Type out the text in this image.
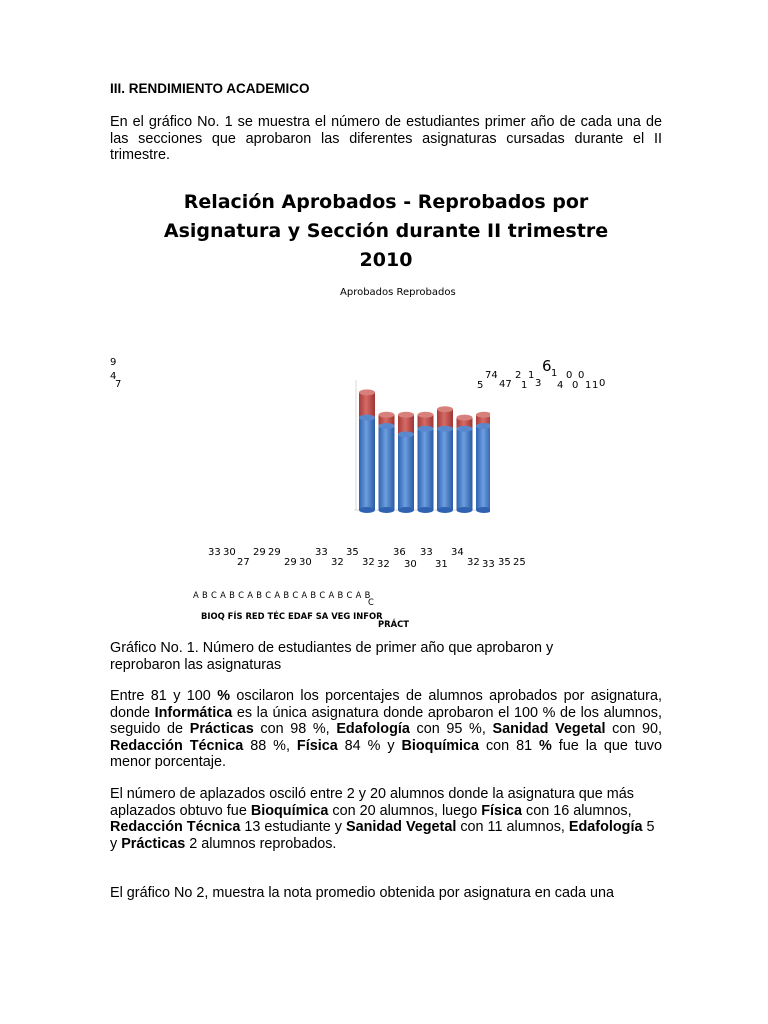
III. RENDIMIENTO ACADEMICO

En el gráfico No. 1 se muestra el número de estudiantes primer año de cada una de las secciones que aprobaron las diferentes asignaturas cursadas durante el II trimestre.

Relación Aprobados - Reprobados por
Asignatura y Sección durante II trimestre
2010
Aprobados Reprobados
9
4
7	5
74
47
2
1
1
3
6 1
4
0
0
0
1 1 0
33 30
27
29 29
29 30
33
32
35
32 32
36
30
33
31
34
32 33 35 25
A B C A B C A B C A B C A B C A B C A B
C
BIOQ FÍS RED TÉC EDAF SA VEG INFOR
PRÁCT

Gráfico No. 1. Número de estudiantes de primer año que aprobaron y reprobaron las asignaturas

Entre 81 y 100 % oscilaron los porcentajes de alumnos aprobados por asignatura, donde Informática es la única asignatura donde aprobaron el 100 % de los alumnos, seguido de Prácticas con 98 %, Edafología con 95 %, Sanidad Vegetal con 90, Redacción Técnica 88 %, Física 84 % y Bioquímica con 81 % fue la que tuvo menor porcentaje.

El número de aplazados osciló entre 2 y 20 alumnos donde la asignatura que más aplazados obtuvo fue Bioquímica con 20 alumnos, luego Física con 16 alumnos, Redacción Técnica 13 estudiante y Sanidad Vegetal con 11 alumnos, Edafología 5 y Prácticas 2 alumnos reprobados.

El gráfico No 2, muestra la nota promedio obtenida por asignatura en cada una
